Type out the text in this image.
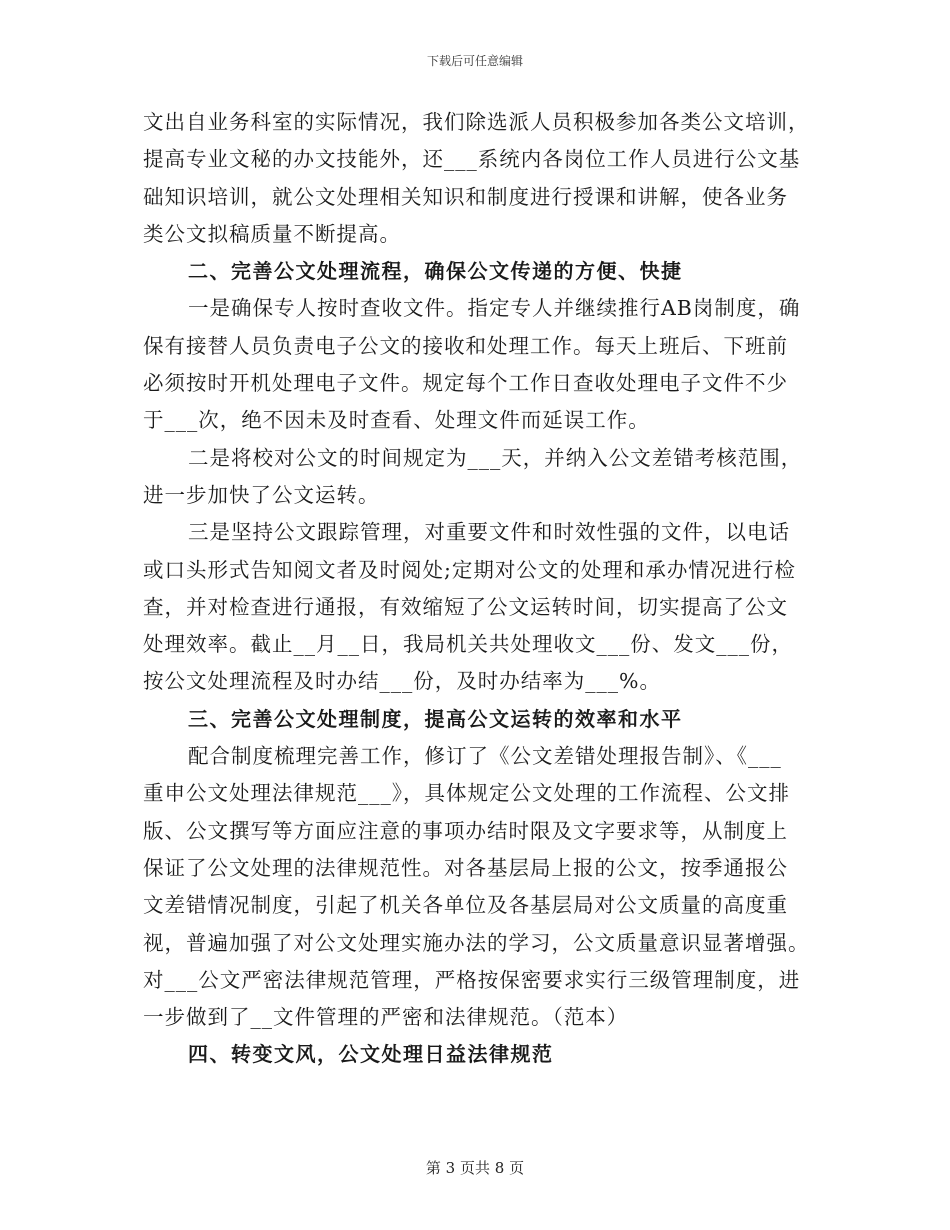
下载后可任意编辑
文出自业务科室的实际情况，我们除选派人员积极参加各类公文培训，
提高专业文秘的办文技能外，还___系统内各岗位工作人员进行公文基
础知识培训，就公文处理相关知识和制度进行授课和讲解，使各业务
类公文拟稿质量不断提高。
二、完善公文处理流程，确保公文传递的方便、快捷
一是确保专人按时查收文件。指定专人并继续推行AB岗制度，确
保有接替人员负责电子公文的接收和处理工作。每天上班后、下班前
必须按时开机处理电子文件。规定每个工作日查收处理电子文件不少
于___次，绝不因未及时查看、处理文件而延误工作。
二是将校对公文的时间规定为___天，并纳入公文差错考核范围，
进一步加快了公文运转。
三是坚持公文跟踪管理，对重要文件和时效性强的文件，以电话
或口头形式告知阅文者及时阅处;定期对公文的处理和承办情况进行检
查，并对检查进行通报，有效缩短了公文运转时间，切实提高了公文
处理效率。截止__月__日，我局机关共处理收文___份、发文___份，
按公文处理流程及时办结___份，及时办结率为___%。
三、完善公文处理制度，提高公文运转的效率和水平
配合制度梳理完善工作，修订了《公文差错处理报告制》、《___
重申公文处理法律规范___》，具体规定公文处理的工作流程、公文排
版、公文撰写等方面应注意的事项办结时限及文字要求等，从制度上
保证了公文处理的法律规范性。对各基层局上报的公文，按季通报公
文差错情况制度，引起了机关各单位及各基层局对公文质量的高度重
视，普遍加强了对公文处理实施办法的学习，公文质量意识显著增强。
对___公文严密法律规范管理，严格按保密要求实行三级管理制度，进
一步做到了__文件管理的严密和法律规范。（范本）
四、转变文风，公文处理日益法律规范
第 3 页共 8 页
